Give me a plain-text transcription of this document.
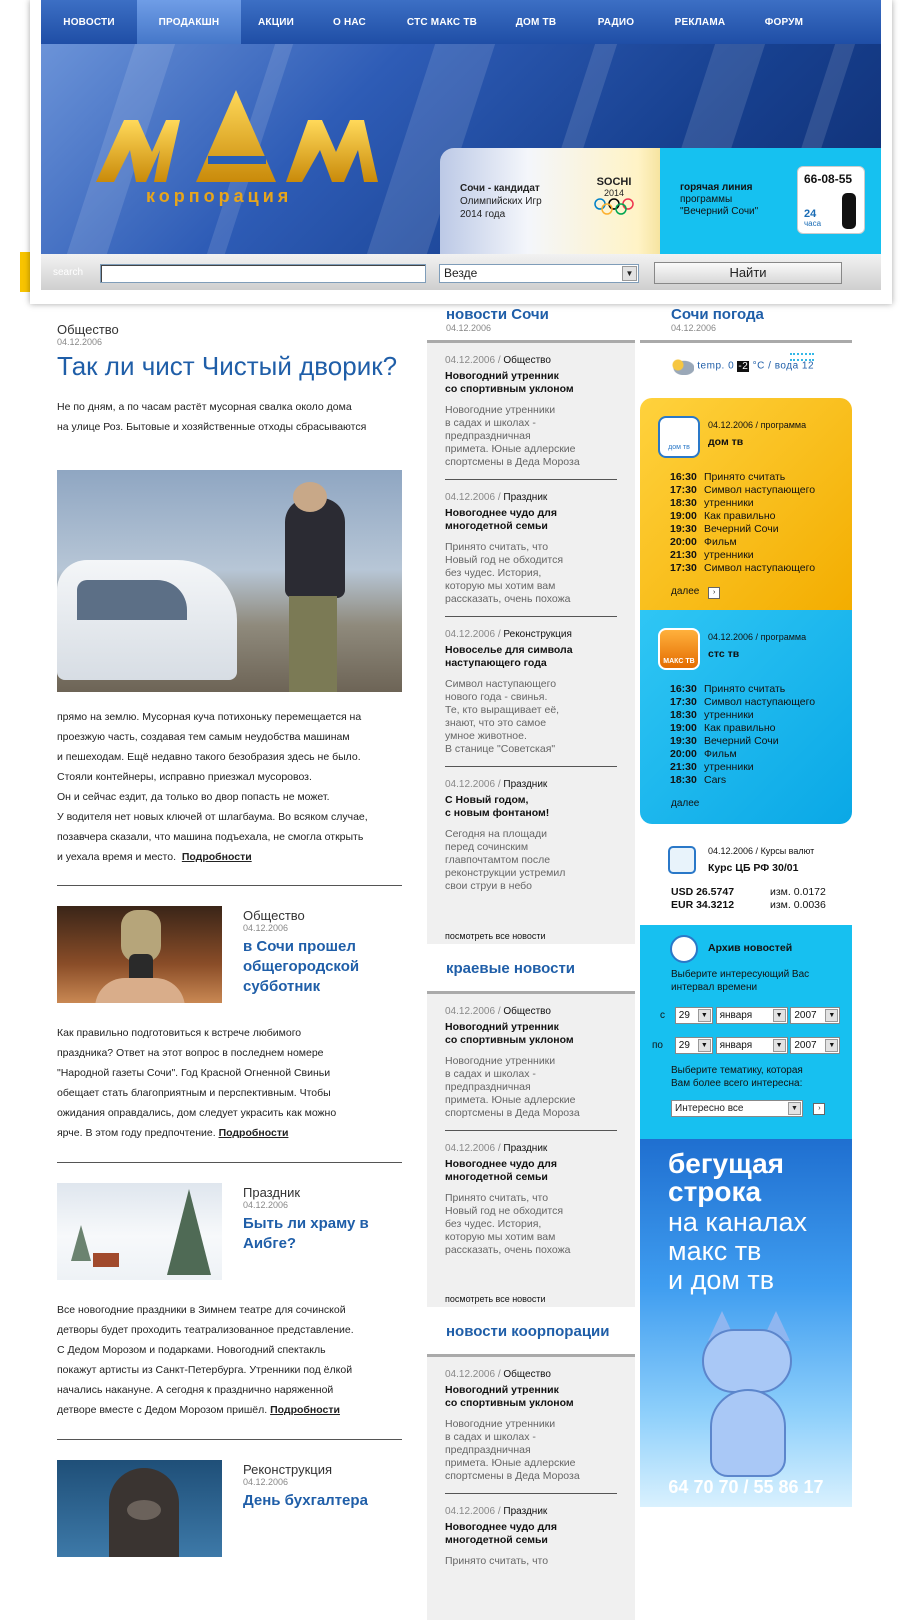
НОВОСТИ	ПРОДАКШН	АКЦИИ	О НАС	СТС МАКС ТВ	ДОМ ТВ	РАДИО	РЕКЛАМА	ФОРУМ
корпорация	Сочи - кандидат
Олимпийских Игр
2014 года
SOCHI
2014	горячая линия
программы
"Вечерний Сочи"
66-08-55
24
часа
search	Везде	▼	Найти
Общество
04.12.2006
Так ли чист Чистый дворик?
Не по дням, а по часам растёт мусорная свалка около дома
на улице Роз. Бытовые и хозяйственные отходы сбрасываются
прямо на землю. Мусорная куча потихоньку перемещается на
проезжую часть, создавая тем самым неудобства машинам
и пешеходам. Ещё недавно такого безобразия здесь не было.
Стояли контейнеры, исправно приезжал мусоровоз.
Он и сейчас ездит, да только во двор попасть не может.
У водителя нет новых ключей от шлагбаума. Во всяком случае,
позавчера сказали, что машина подъехала, не смогла открыть
и уехала время и место. Подробности
Общество
04.12.2006
в Сочи прошел общегородской субботник
Как правильно подготовиться к встрече любимого
праздника? Ответ на этот вопрос в последнем номере
"Народной газеты Сочи". Год Красной Огненной Свиньи
обещает стать благоприятным и перспективным. Чтобы
ожидания оправдались, дом следует украсить как можно
ярче. В этом году предпочтение. Подробности
Праздник
04.12.2006
Быть ли храму в Аибге?
Все новогодние праздники в Зимнем театре для сочинской
детворы будет проходить театрализованное представление.
С Дедом Морозом и подарками. Новогодний спектакль
покажут артисты из Санкт-Петербурга. Утренники под ёлкой
начались накануне. А сегодня к празднично наряженной
детворе вместе с Дедом Морозом пришёл. Подробности
Реконструкция
04.12.2006
День бухгалтера
новости Сочи
04.12.2006
04.12.2006 / Общество
Новогодний утренник
со спортивным уклоном
Новогодние утренники
в садах и школах -
предпраздничная
примета. Юные адлерские
спортсмены в Деда Мороза
04.12.2006 / Праздник
Новогоднее чудо для
многодетной семьи
Принято считать, что
Новый год не обходится
без чудес. История,
которую мы хотим вам
рассказать, очень похожа
04.12.2006 / Реконструкция
Новоселье для символа
наступающего года
Символ наступающего
нового года - свинья.
Те, кто выращивает её,
знают, что это самое
умное животное.
В станице "Советская"
04.12.2006 / Праздник
С Новый годом,
с новым фонтаном!
Сегодня на площади
перед сочинским
главпочтамтом после
реконструкции устремил
свои струи в небо
посмотреть все новости
краевые новости
04.12.2006 / Общество
Новогодний утренник
со спортивным уклоном
Новогодние утренники
в садах и школах -
предпраздничная
примета. Юные адлерские
спортсмены в Деда Мороза
04.12.2006 / Праздник
Новогоднее чудо для
многодетной семьи
Принято считать, что
Новый год не обходится
без чудес. История,
которую мы хотим вам
рассказать, очень похожа
посмотреть все новости
новости коорпорации
04.12.2006 / Общество
Новогодний утренник
со спортивным уклоном
Новогодние утренники
в садах и школах -
предпраздничная
примета. Юные адлерские
спортсмены в Деда Мороза
04.12.2006 / Праздник
Новогоднее чудо для
многодетной семьи
Принято считать, что
Сочи погода
04.12.2006
temp. 0 -2 °C / вода 12
дом тв
04.12.2006 / программа
дом тв
16:30	Принято считать
17:30	Символ наступающего
18:30	утренники
19:00	Как правильно
19:30	Вечерний Сочи
20:00	Фильм
21:30	утренники
17:30	Символ наступающего
далее ›
МАКС ТВ
04.12.2006 / программа
стс тв
16:30	Принято считать
17:30	Символ наступающего
18:30	утренники
19:00	Как правильно
19:30	Вечерний Сочи
20:00	Фильм
21:30	утренники
18:30	Cars
далее
04.12.2006 / Курсы валют
Курс ЦБ РФ 30/01
USD 26.5747	изм. 0.0172
EUR 34.3212	изм. 0.0036
Архив новостей
Выберите интересующий Вас
интервал времени
с 29	▼	января	▼	2007	▼
по 29	▼	января	▼	2007	▼
Выберите тематику, которая
Вам более всего интересна:
Интересно все	▼	›
бегущая
строка
на каналах
макс тв
и дом тв
64 70 70 / 55 86 17
